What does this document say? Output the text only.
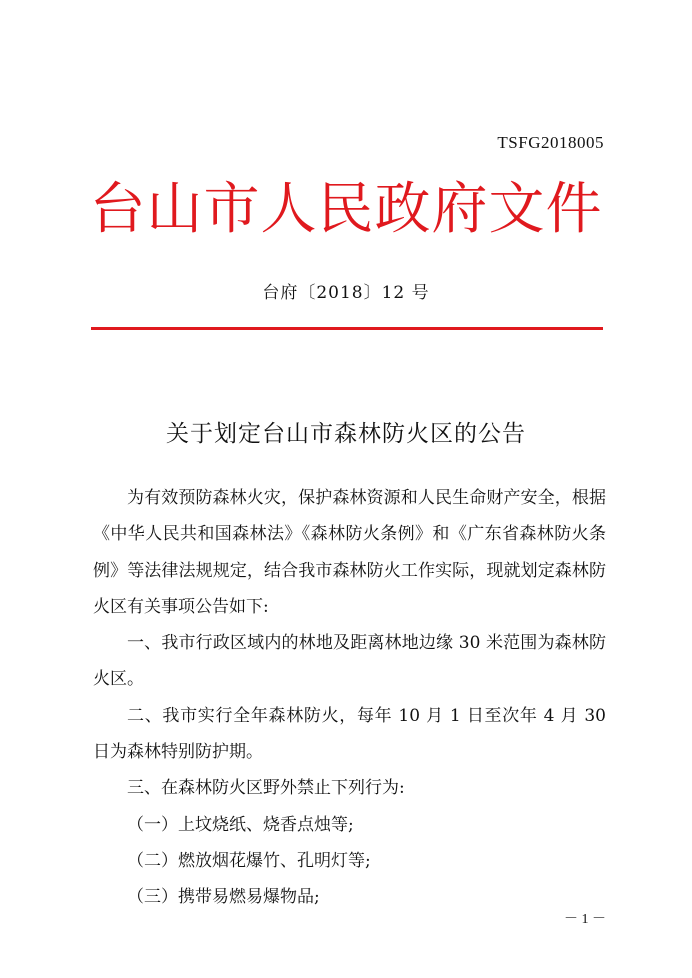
TSFG2018005
台山市人民政府文件
台府〔2018〕12 号
关于划定台山市森林防火区的公告

为有效预防森林火灾，保护森林资源和人民生命财产安全，根据《中华人民共和国森林法》《森林防火条例》和《广东省森林防火条例》等法律法规规定，结合我市森林防火工作实际，现就划定森林防火区有关事项公告如下:

一、我市行政区域内的林地及距离林地边缘 30 米范围为森林防火区。

二、我市实行全年森林防火，每年 10 月 1 日至次年 4 月 30 日为森林特别防护期。

三、在森林防火区野外禁止下列行为:

（一）上坟烧纸、烧香点烛等;

（二）燃放烟花爆竹、孔明灯等;

（三）携带易燃易爆物品;

－ 1 －
